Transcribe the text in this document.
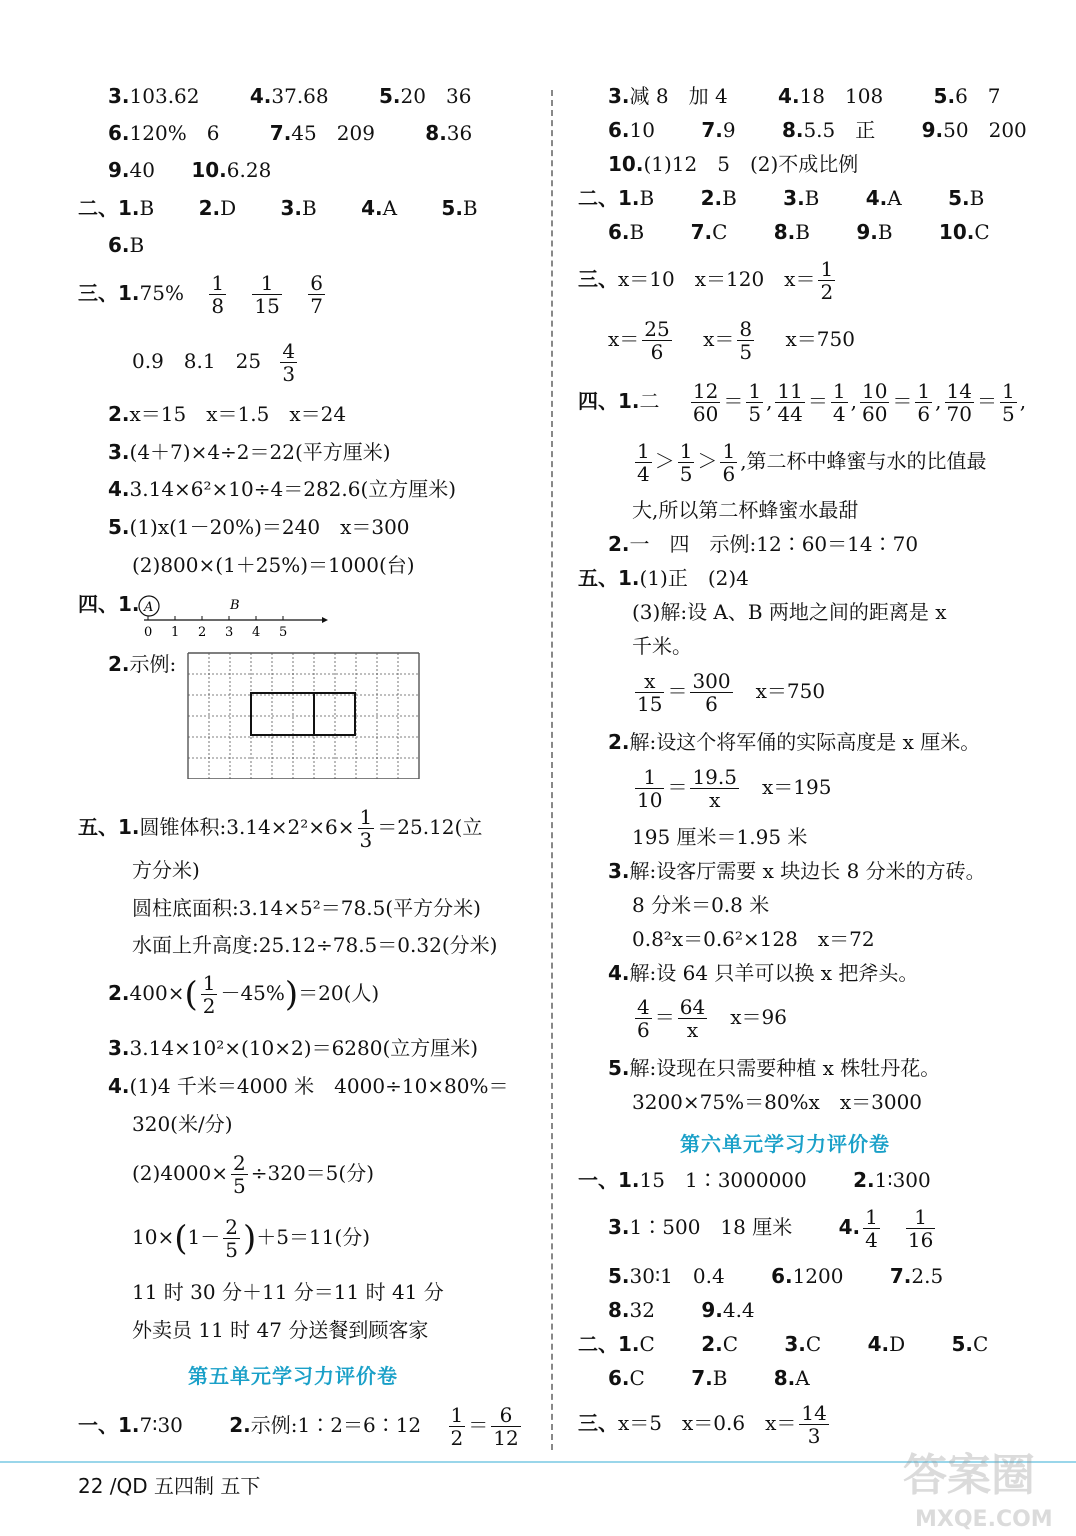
3.103.62	4.37.68	5.20　36
6.120%　6	7.45　209	8.36
9.40 10.6.28
二、1.B 2.D 3.B 4.A 5.B
6.B
三、$1.75\% \frac{1}{8}$
$\frac{1}{15}$
$\frac{6}{7}$
0.9　8.1　$25 \frac{4}{3}$
2.x＝15　x＝1.5　x＝24
3.(4＋7)×4÷2＝22(平方厘米)
4.3.14×6²×10÷4＝282.6(立方厘米)
5.(1)x(1－20%)＝240　x＝300
(2)800×(1＋25%)＝1000(台)
四、1. A	B
0 1 2 3 4 5
2.示例:
五、1.圆锥体积:3.14×2²×6× $\frac{1}{3} =25.12$(立
方分米)
圆柱底面积:3.14×5²＝78.5(平方分米)
水面上升高度:25.12÷78.5＝0.32(分米)
$2.400\times( \frac{1}{2} -45\%)=20$(人)
3.3.14×10²×(10×2)＝6280(立方厘米)
4.(1)4 千米＝4000 米　4000÷10×80%＝
320(米/分)
$(2)4000\times \frac{2}{5} \div 320=5$(分)
$10\times(1- \frac{2}{5} )+5=11$(分)
11 时 30 分＋11 分＝11 时 41 分
外卖员 11 时 47 分送餐到顾客家
第五单元学习力评价卷
一、1.7∶30 2.示例:1∶2＝6∶12 $\frac{1}{2} = \frac{6}{12}$
3.减 8　加 4	4.18　108	5.6　7
6.10 7.9 8.5.5　正 9.50　200
10.(1)12　5　(2)不成比例
二、1.B 2.B 3.B 4.A 5.B
6.B 7.C 8.B 9.B 10.C
三、x＝10　x＝120　$x= \frac{1}{2}$
$x= \frac{25}{6} x= \frac{8}{5} x=750$
四、1.二 $\frac{12}{60} = \frac{1}{5}$ , $\frac{11}{44} = \frac{1}{4}$ , $\frac{10}{60} = \frac{1}{6}$ , $\frac{14}{70} = \frac{1}{5}$ ,
$\frac{1}{4} > \frac{1}{5} > \frac{1}{6}$ ,第二杯中蜂蜜与水的比值最
大,所以第二杯蜂蜜水最甜
2.一　四　示例:12∶60＝14∶70
五、1.(1)正　(2)4
(3)解:设 A、B 两地之间的距离是 x
千米。
$\frac{x}{15} = \frac{300}{6} x=750$
2.解:设这个将军俑的实际高度是 x 厘米。
$\frac{1}{10} = \frac{19.5}{x} x=195$
195 厘米＝1.95 米
3.解:设客厅需要 x 块边长 8 分米的方砖。
8 分米＝0.8 米
0.8²x＝0.6²×128　x＝72
4.解:设 64 只羊可以换 x 把斧头。
$\frac{4}{6} = \frac{64}{x} x=96$
5.解:设现在只需要种植 x 株牡丹花。
3200×75%＝80%x　x＝3000
第六单元学习力评价卷
一、1.15　1∶3000000 2.1∶300
3.1∶500　18 厘米 4. $\frac{1}{4} \frac{1}{16}$
5.30∶1　0.4 6.1200 7.2.5
8.32 9.4.4
二、1.C 2.C 3.C 4.D 5.C
6.C 7.B 8.A
三、x＝5　x＝0.6　$x= \frac{14}{3}$
22 /QD 五四制 五下	答案圈
MXQE.COM
